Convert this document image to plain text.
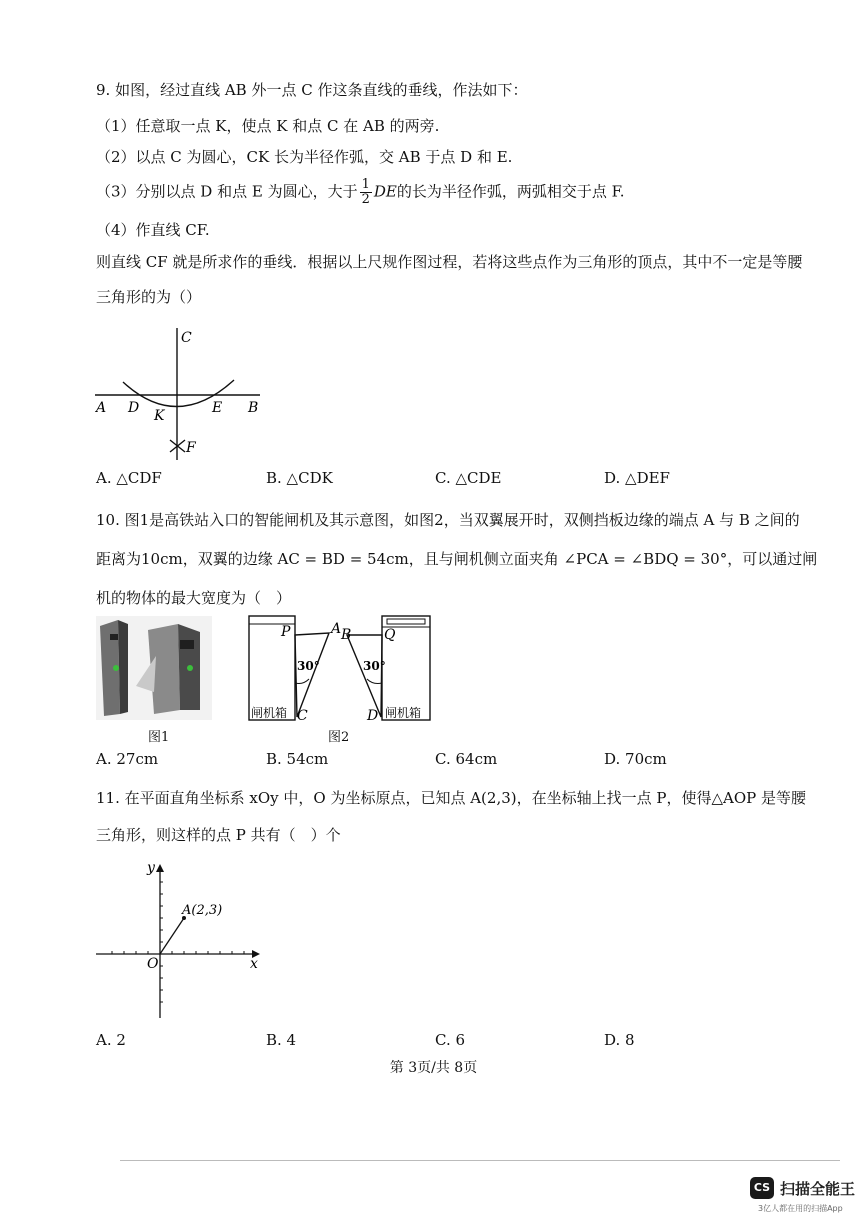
9. 如图，经过直线 AB 外一点 C 作这条直线的垂线，作法如下：
（1）任意取一点 K，使点 K 和点 C 在 AB 的两旁.
（2）以点 C 为圆心，CK 长为半径作弧，交 AB 于点 D 和 E.
（3）分别以点 D 和点 E 为圆心，大于 $\frac{1}{2}$ DE的长为半径作弧，两弧相交于点 F.
（4）作直线 CF.
则直线 CF 就是所求作的垂线．根据以上尺规作图过程，若将这些点作为三角形的顶点，其中不一定是等腰
三角形的为（）
C
A D K	E B
F
A. △CDF	B. △CDK	C. △CDE	D. △DEF
10. 图1是高铁站入口的智能闸机及其示意图，如图2，当双翼展开时，双侧挡板边缘的端点 A 与 B 之间的
距离为10cm，双翼的边缘 AC = BD = 54cm，且与闸机侧立面夹角 ∠PCA = ∠BDQ = 30°，可以通过闸
机的物体的最大宽度为（　）
图1
P	A B Q
30°	30°
C	D
闸机箱	闸机箱
图2
A. 27cm	B. 54cm	C. 64cm	D. 70cm
11. 在平面直角坐标系 xOy 中，O 为坐标原点，已知点 A(2,3)，在坐标轴上找一点 P，使得△AOP 是等腰
三角形，则这样的点 P 共有（　）个
y
x
O
A(2,3)
A. 2	B. 4	C. 6	D. 8
第 3页/共 8页
CS 扫描全能王
3亿人都在用的扫描App
